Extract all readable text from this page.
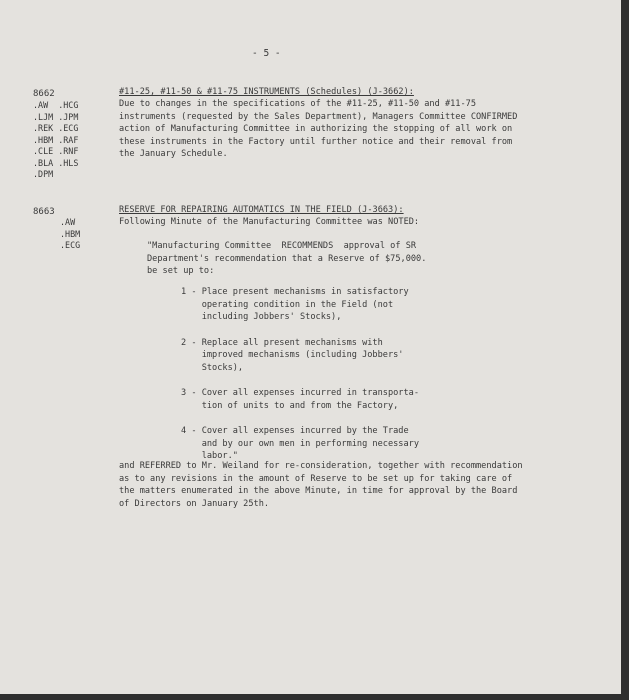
- 5 -
8662
.AW  .HCG
.LJM .JPM
.REK .ECG
.HBM .RAF
.CLE .RNF
.BLA .HLS
.DPM
#11-25, #11-50 & #11-75 INSTRUMENTS (Schedules) (J-3662):
Due to changes in the specifications of the #11-25, #11-50 and #11-75
instruments (requested by the Sales Department), Managers Committee CONFIRMED
action of Manufacturing Committee in authorizing the stopping of all work on
these instruments in the Factory until further notice and their removal from
the January Schedule.
8663
.AW
.HBM
.ECG
RESERVE FOR REPAIRING AUTOMATICS IN THE FIELD (J-3663):
Following Minute of the Manufacturing Committee was NOTED:
"Manufacturing Committee  RECOMMENDS  approval of SR
Department's recommendation that a Reserve of $75,000.
be set up to:
1 - Place present mechanisms in satisfactory
operating condition in the Field (not
including Jobbers' Stocks),
2 - Replace all present mechanisms with
improved mechanisms (including Jobbers'
Stocks),
3 - Cover all expenses incurred in transporta-
tion of units to and from the Factory,
4 - Cover all expenses incurred by the Trade
and by our own men in performing necessary
labor."
and REFERRED to Mr. Weiland for re-consideration, together with recommendation
as to any revisions in the amount of Reserve to be set up for taking care of
the matters enumerated in the above Minute, in time for approval by the Board
of Directors on January 25th.
